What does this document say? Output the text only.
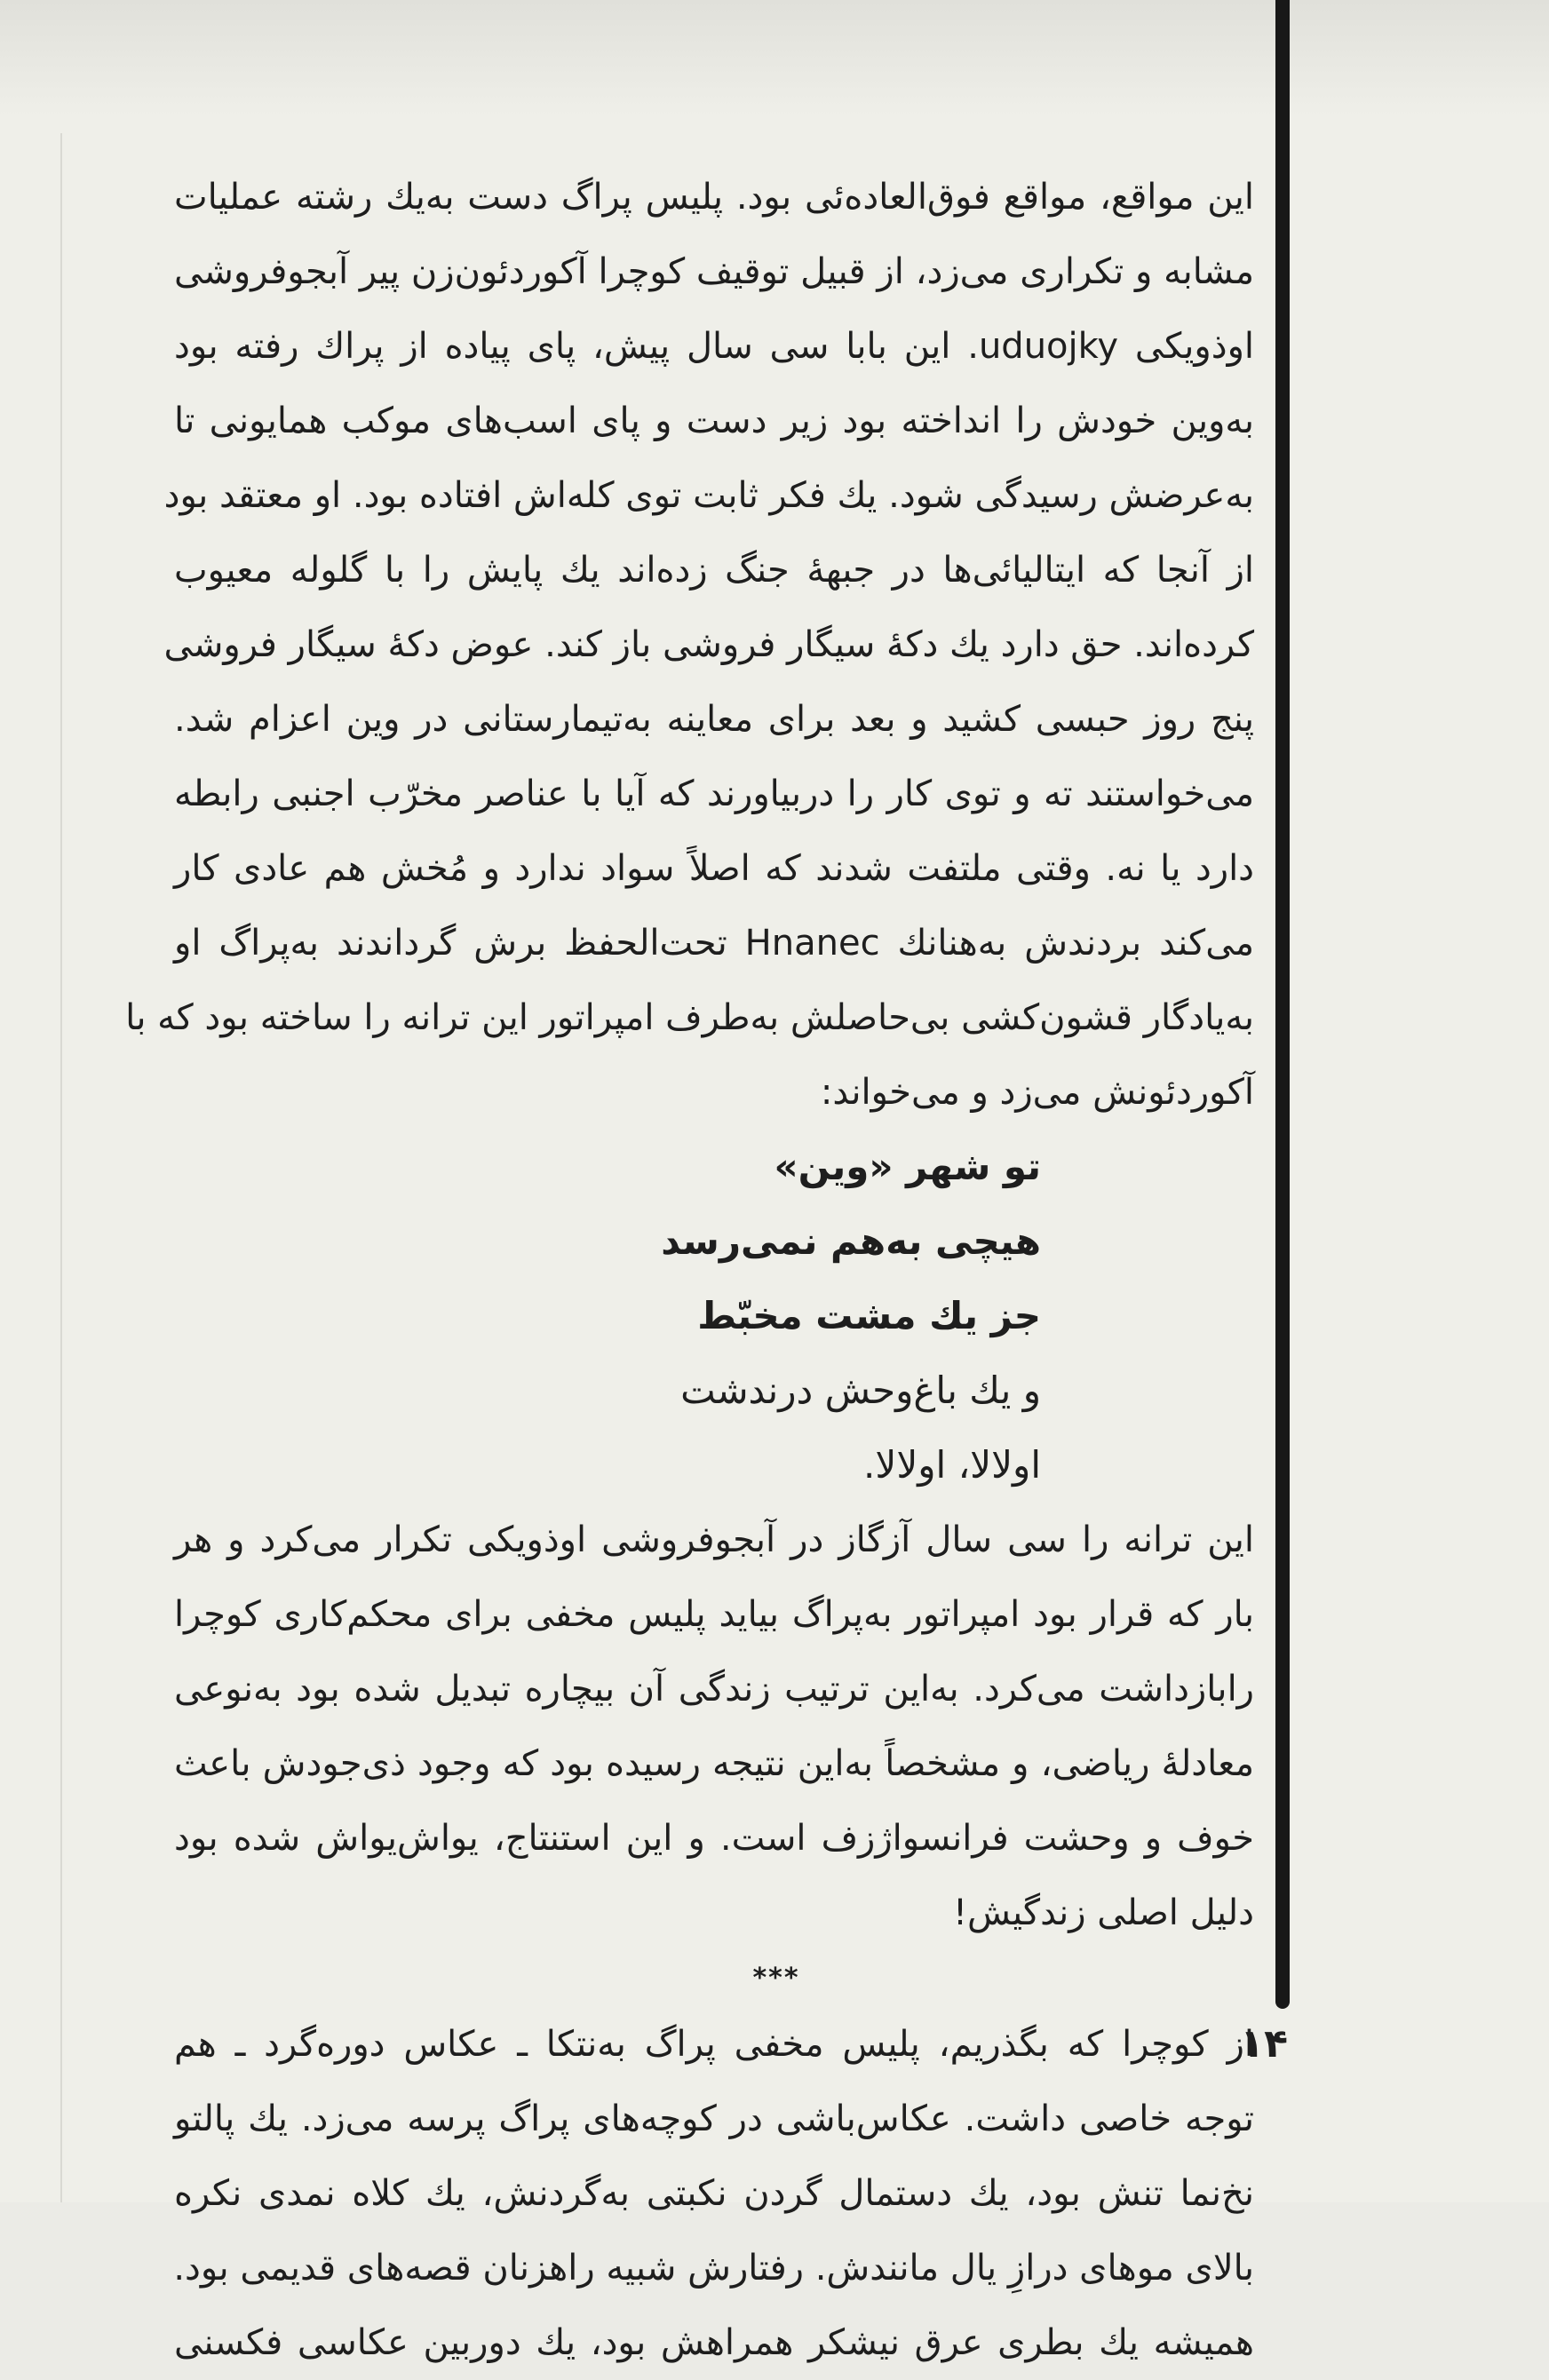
این مواقع، مواقع فوق‌العاده‌ئی بود. پلیس پراگ دست به‌یك رشته عملیات
مشابه و تکراری می‌زد، از قبیل توقیف کوچرا آکوردئون‌زن پیر آبجوفروشی
اوذویکی uduojky. این بابا سی سال پیش، پای پیاده از پراك رفته بود
به‌وین خودش را انداخته بود زیر دست و پای اسب‌های موکب همایونی تا
به‌عرضش رسیدگی شود. یك فکر ثابت توی کله‌اش افتاده بود. او معتقد بود
از آنجا که ایتالیائی‌ها در جبههٔ جنگ زده‌اند یك پایش را با گلوله معیوب
کرده‌اند. حق دارد یك دکهٔ سیگار فروشی باز کند. عوض دکهٔ سیگار فروشی
پنج روز حبسی کشید و بعد برای معاینه به‌تیمارستانی در وین اعزام شد.
می‌خواستند ته و توی کار را دربیاورند که آیا با عناصر مخرّب اجنبی رابطه
دارد یا نه. وقتی ملتفت شدند که اصلاً سواد ندارد و مُخش هم عادی کار
می‌کند بردندش به‌هنانك Hnanec تحت‌الحفظ برش گرداندند به‌پراگ او
به‌یادگار قشون‌کشی بی‌حاصلش به‌طرف امپراتور این ترانه را ساخته بود که با
آکوردئونش می‌زد و می‌خواند:
تو شهر «وین»
هیچی به‌هم نمی‌رسد
جز یك مشت مخبّط
و یك باغ‌وحش درندشت
اولالا، اولالا.
این ترانه را سی سال آزگاز در آبجوفروشی اوذویکی تکرار می‌کرد و هر
بار که قرار بود امپراتور به‌پراگ بیاید پلیس مخفی برای محکم‌کاری کوچرا
رابازداشت می‌کرد. به‌این ترتیب زندگی آن بیچاره تبدیل شده بود به‌نوعی
معادلهٔ ریاضی، و مشخصاً به‌این نتیجه رسیده بود که وجود ذی‌جودش باعث
خوف و وحشت فرانسواژزف است. و این استنتاج، یواش‌یواش شده بود
دلیل اصلی زندگیش!
***
از کوچرا که بگذریم، پلیس مخفی پراگ به‌نتکا ـ عکاس دوره‌گرد ـ هم
توجه خاصی داشت. عکاس‌باشی در کوچه‌های پراگ پرسه می‌زد. یك پالتو
نخ‌نما تنش بود، یك دستمال گردن نکبتی به‌گردنش، یك کلاه نمدی نکره
بالای موهای درازِ یال مانندش. رفتارش شبیه راهزنان قصه‌های قدیمی بود.
همیشه یك بطری عرق نیشکر همراهش بود، یك دوربین عکاسی فکسنی
۱۴
